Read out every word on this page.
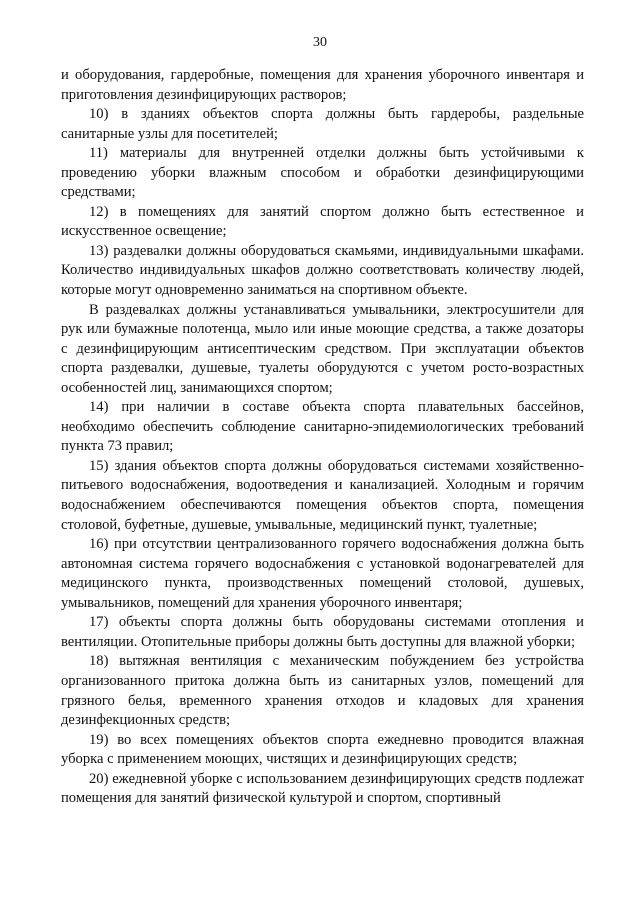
30

и оборудования, гардеробные, помещения для хранения уборочного инвентаря и приготовления дезинфицирующих растворов;

10) в зданиях объектов спорта должны быть гардеробы, раздельные санитарные узлы для посетителей;

11) материалы для внутренней отделки должны быть устойчивыми к проведению уборки влажным способом и обработки дезинфицирующими средствами;

12) в помещениях для занятий спортом должно быть естественное и искусственное освещение;

13) раздевалки должны оборудоваться скамьями, индивидуальными шкафами. Количество индивидуальных шкафов должно соответствовать количеству людей, которые могут одновременно заниматься на спортивном объекте.

В раздевалках должны устанавливаться умывальники, электросушители для рук или бумажные полотенца, мыло или иные моющие средства, а также дозаторы с дезинфицирующим антисептическим средством. При эксплуатации объектов спорта раздевалки, душевые, туалеты оборудуются с учетом росто-возрастных особенностей лиц, занимающихся спортом;

14) при наличии в составе объекта спорта плавательных бассейнов, необходимо обеспечить соблюдение санитарно-эпидемиологических требований пункта 73 правил;

15) здания объектов спорта должны оборудоваться системами хозяйственно-питьевого водоснабжения, водоотведения и канализацией. Холодным и горячим водоснабжением обеспечиваются помещения объектов спорта, помещения столовой, буфетные, душевые, умывальные, медицинский пункт, туалетные;

16) при отсутствии централизованного горячего водоснабжения должна быть автономная система горячего водоснабжения с установкой водонагревателей для медицинского пункта, производственных помещений столовой, душевых, умывальников, помещений для хранения уборочного инвентаря;

17) объекты спорта должны быть оборудованы системами отопления и вентиляции. Отопительные приборы должны быть доступны для влажной уборки;

18) вытяжная вентиляция с механическим побуждением без устройства организованного притока должна быть из санитарных узлов, помещений для грязного белья, временного хранения отходов и кладовых для хранения дезинфекционных средств;

19) во всех помещениях объектов спорта ежедневно проводится влажная уборка с применением моющих, чистящих и дезинфицирующих средств;

20) ежедневной уборке с использованием дезинфицирующих средств подлежат помещения для занятий физической культурой и спортом, спортивный
